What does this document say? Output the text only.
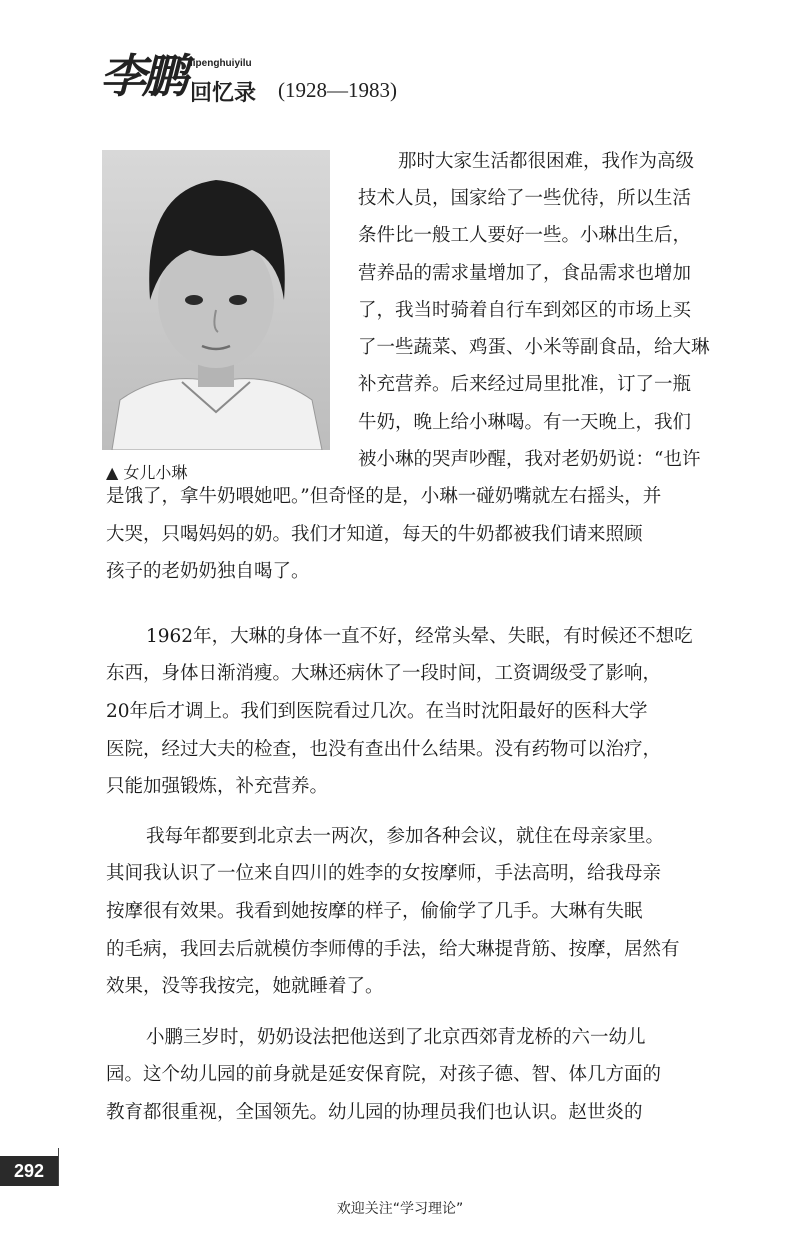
李鹏 lipenghuiyilu
回忆录 (1928—1983)
▲ 女儿小琳
那时大家生活都很困难，我作为高级
技术人员，国家给了一些优待，所以生活
条件比一般工人要好一些。小琳出生后，
营养品的需求量增加了，食品需求也增加
了，我当时骑着自行车到郊区的市场上买
了一些蔬菜、鸡蛋、小米等副食品，给大琳
补充营养。后来经过局里批准，订了一瓶
牛奶，晚上给小琳喝。有一天晚上，我们
被小琳的哭声吵醒，我对老奶奶说：“也许
是饿了，拿牛奶喂她吧。”但奇怪的是，小琳一碰奶嘴就左右摇头，并
大哭，只喝妈妈的奶。我们才知道，每天的牛奶都被我们请来照顾
孩子的老奶奶独自喝了。
1962年，大琳的身体一直不好，经常头晕、失眠，有时候还不想吃
东西，身体日渐消瘦。大琳还病休了一段时间，工资调级受了影响，
20年后才调上。我们到医院看过几次。在当时沈阳最好的医科大学
医院，经过大夫的检查，也没有查出什么结果。没有药物可以治疗，
只能加强锻炼，补充营养。
我每年都要到北京去一两次，参加各种会议，就住在母亲家里。
其间我认识了一位来自四川的姓李的女按摩师，手法高明，给我母亲
按摩很有效果。我看到她按摩的样子，偷偷学了几手。大琳有失眠
的毛病，我回去后就模仿李师傅的手法，给大琳提背筋、按摩，居然有
效果，没等我按完，她就睡着了。
小鹏三岁时，奶奶设法把他送到了北京西郊青龙桥的六一幼儿
园。这个幼儿园的前身就是延安保育院，对孩子德、智、体几方面的
教育都很重视，全国领先。幼儿园的协理员我们也认识。赵世炎的
292
欢迎关注“学习理论”
